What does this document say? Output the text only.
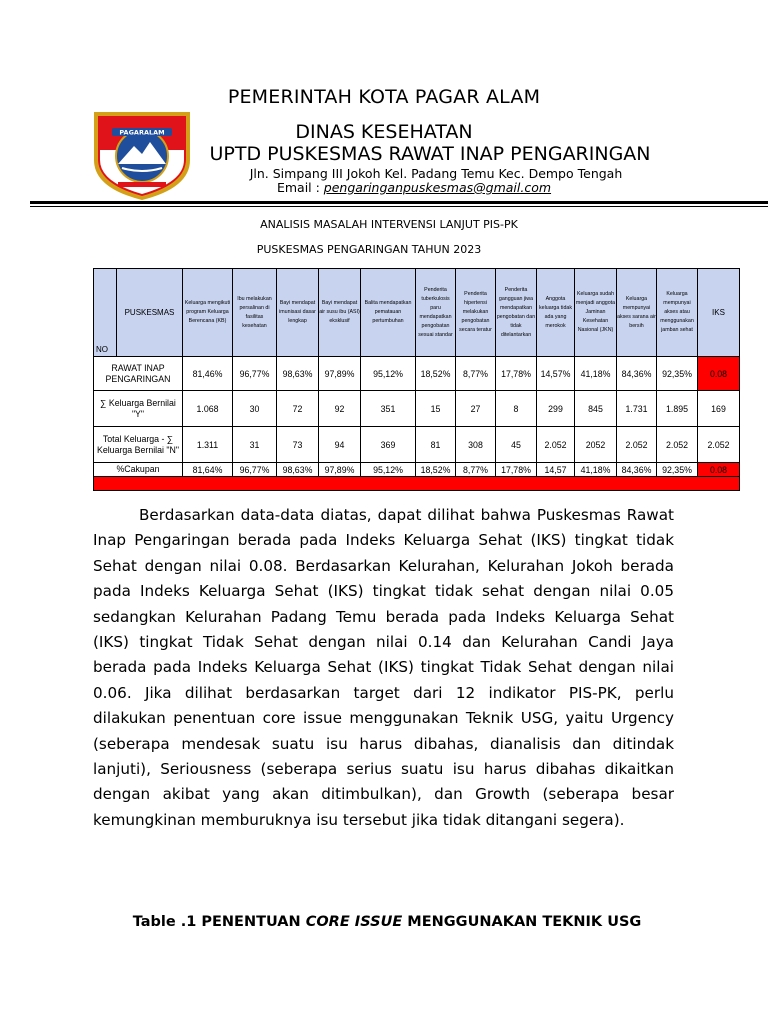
PAGARALAM
PEMERINTAH KOTA PAGAR ALAM
DINAS KESEHATAN
UPTD PUSKESMAS RAWAT INAP PENGARINGAN
Jln. Simpang III Jokoh Kel. Padang Temu Kec. Dempo Tengah
Email : pengaringanpuskesmas@gmail.com
ANALISIS MASALAH INTERVENSI LANJUT PIS-PK
PUSKESMAS PENGARINGAN TAHUN 2023
NO	PUSKESMAS	Keluarga mengikuti program Keluarga Berencana (KB)	Ibu melakukan persalinan di fasilitas kesehatan	Bayi mendapat imunisasi dasar lengkap	Bayi mendapat air susu ibu (ASI) eksklusif	Balita mendapatkan pematauan pertumbuhan	Penderita tuberkulosis paru mendapatkan pengobatan sesuai standar	Penderita hipertensi melakukan pengobatan secara teratur	Penderita gangguan jiwa mendapatkan pengobatan dan tidak ditelantarkan	Anggota keluarga tidak ada yang merokok	Keluarga sudah menjadi anggota Jaminan Kesehatan Nasional (JKN)	Keluarga mempunyai akses sarana air bersih	Keluarga mempunyai akses atau menggunakan jamban sehat	IKS
RAWAT INAP PENGARINGAN		81,46%	96,77%	98,63%	97,89%	95,12%	18,52%	8,77%	17,78%	14,57%	41,18%	84,36%	92,35%	0.08
∑ Keluarga Bernilai "Y"		1.068	30	72	92	351	15	27	8	299	845	1.731	1.895	169
Total Keluarga - ∑ Keluarga Bernilai "N"		1.311	31	73	94	369	81	308	45	2.052	2052	2.052	2.052	2.052
%Cakupan		81,64%	96,77%	98,63%	97,89%	95,12%	18,52%	8,77%	17,78%	14,57	41,18%	84,36%	92,35%	0.08

Berdasarkan data-data diatas, dapat dilihat bahwa Puskesmas Rawat Inap Pengaringan berada pada Indeks Keluarga Sehat (IKS) tingkat tidak Sehat dengan nilai 0.08. Berdasarkan Kelurahan, Kelurahan Jokoh berada pada Indeks Keluarga Sehat (IKS) tingkat tidak sehat dengan nilai 0.05 sedangkan Kelurahan Padang Temu berada pada Indeks Keluarga Sehat (IKS) tingkat Tidak Sehat dengan nilai 0.14 dan Kelurahan Candi Jaya berada pada Indeks Keluarga Sehat (IKS) tingkat Tidak Sehat dengan nilai 0.06. Jika dilihat berdasarkan target dari 12 indikator PIS-PK, perlu dilakukan penentuan core issue menggunakan Teknik USG, yaitu Urgency (seberapa mendesak suatu isu harus dibahas, dianalisis dan ditindak lanjuti), Seriousness (seberapa serius suatu isu harus dibahas dikaitkan dengan akibat yang akan ditimbulkan), dan Growth (seberapa besar kemungkinan memburuknya isu tersebut jika tidak ditangani segera).

Table .1 PENENTUAN CORE ISSUE MENGGUNAKAN TEKNIK USG
